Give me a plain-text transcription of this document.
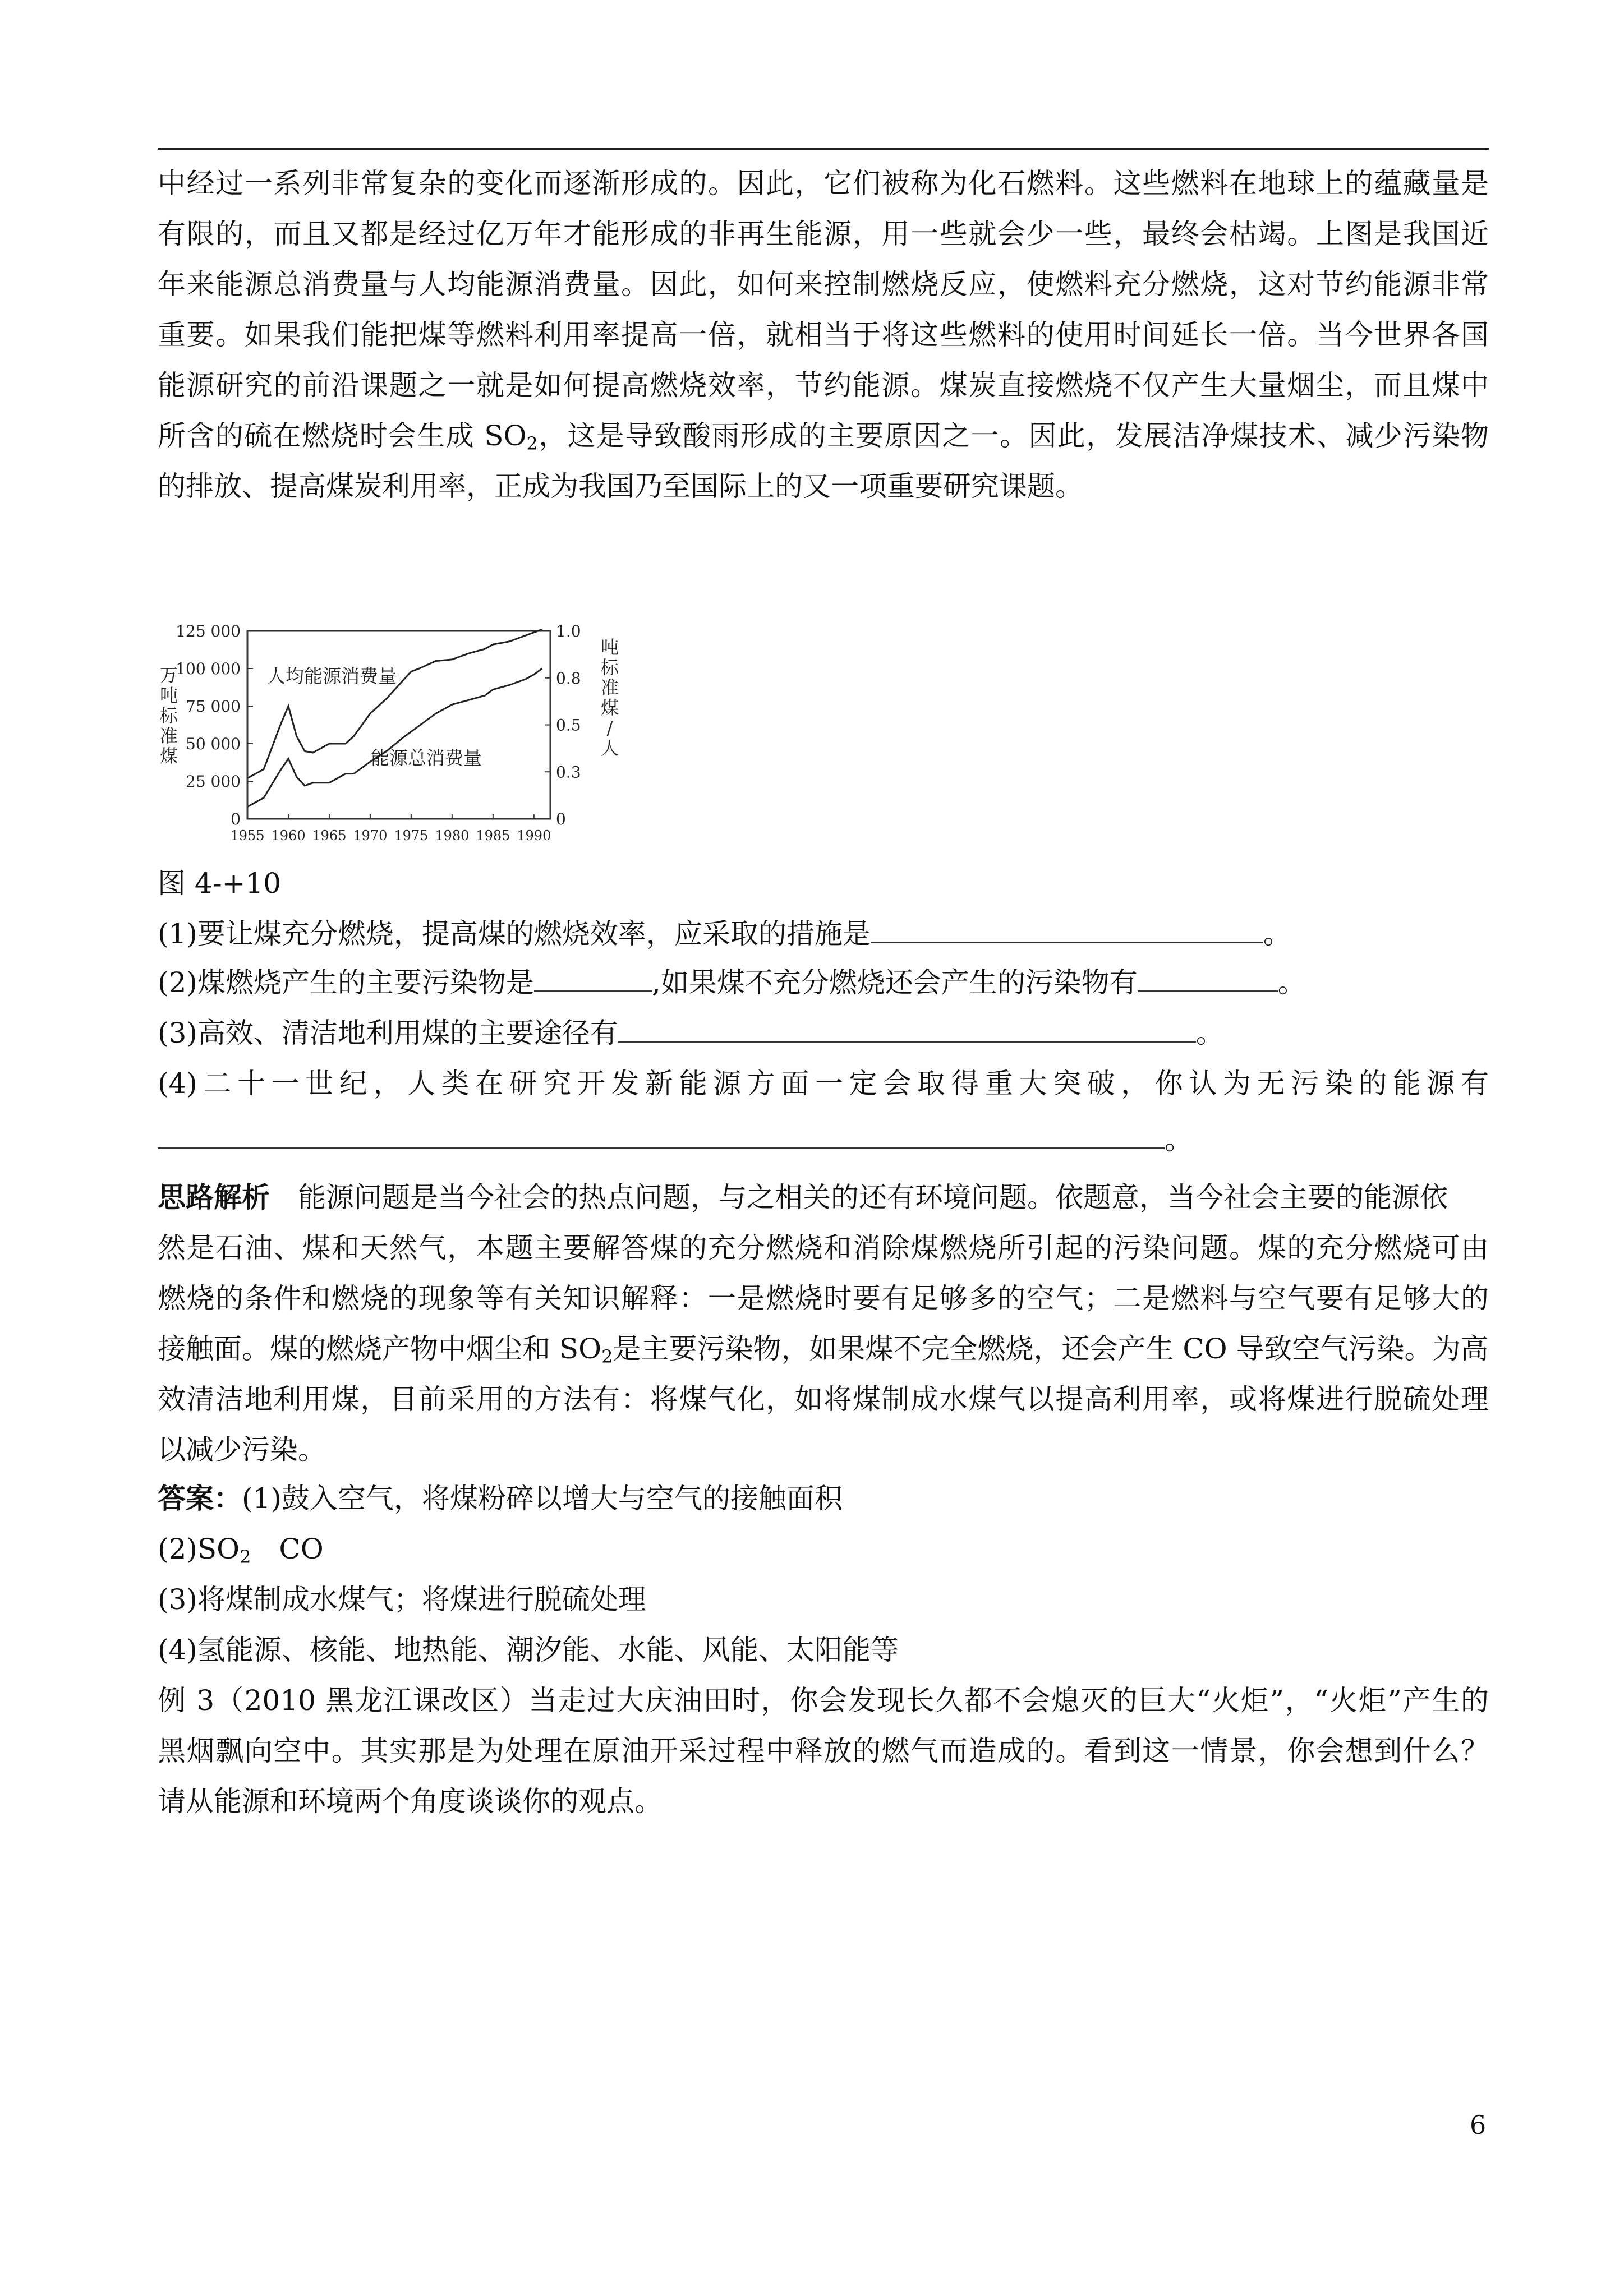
中经过一系列非常复杂的变化而逐渐形成的。因此，它们被称为化石燃料。这些燃料在地球上的蕴藏量是
有限的，而且又都是经过亿万年才能形成的非再生能源，用一些就会少一些，最终会枯竭。上图是我国近
年来能源总消费量与人均能源消费量。因此，如何来控制燃烧反应，使燃料充分燃烧，这对节约能源非常
重要。如果我们能把煤等燃料利用率提高一倍，就相当于将这些燃料的使用时间延长一倍。当今世界各国
能源研究的前沿课题之一就是如何提高燃烧效率，节约能源。煤炭直接燃烧不仅产生大量烟尘，而且煤中
所含的硫在燃烧时会生成 $SO_2$，这是导致酸雨形成的主要原因之一。因此，发展洁净煤技术、减少污染物
的排放、提高煤炭利用率，正成为我国乃至国际上的又一项重要研究课题。
125 000
100 000
75 000
50 000
25 000
0
1.0
0.8
0.5
0.3
0
1955 1960 1965 1970 1975 1980 1985 1990
万吨标准煤
吨标准煤/人
人均能源消费量
能源总消费量
图 4-+10
(1)要让煤充分燃烧，提高煤的燃烧效率，应采取的措施是	。
(2)煤燃烧产生的主要污染物是	,如果煤不充分燃烧还会产生的污染物有	。
(3)高效、清洁地利用煤的主要途径有	。
(4)二十一世纪，人类在研究开发新能源方面一定会取得重大突破，你认为无污染的能源有
。
思路解析　 能源问题是当今社会的热点问题，与之相关的还有环境问题。依题意，当今社会主要的能源依
然是石油、煤和天然气，本题主要解答煤的充分燃烧和消除煤燃烧所引起的污染问题。煤的充分燃烧可由
燃烧的条件和燃烧的现象等有关知识解释：一是燃烧时要有足够多的空气；二是燃料与空气要有足够大的
接触面。煤的燃烧产物中烟尘和 $SO_2$是主要污染物，如果煤不完全燃烧，还会产生 CO 导致空气污染。为高
效清洁地利用煤，目前采用的方法有：将煤气化，如将煤制成水煤气以提高利用率，或将煤进行脱硫处理
以减少污染。
答案：(1)鼓入空气，将煤粉碎以增大与空气的接触面积
$(2)SO_2$　CO
(3)将煤制成水煤气；将煤进行脱硫处理
(4)氢能源、核能、地热能、潮汐能、水能、风能、太阳能等
例 3（2010 黑龙江课改区）当走过大庆油田时，你会发现长久都不会熄灭的巨大“火炬”，“火炬”产生的
黑烟飘向空中。其实那是为处理在原油开采过程中释放的燃气而造成的。看到这一情景，你会想到什么？
请从能源和环境两个角度谈谈你的观点。
6
